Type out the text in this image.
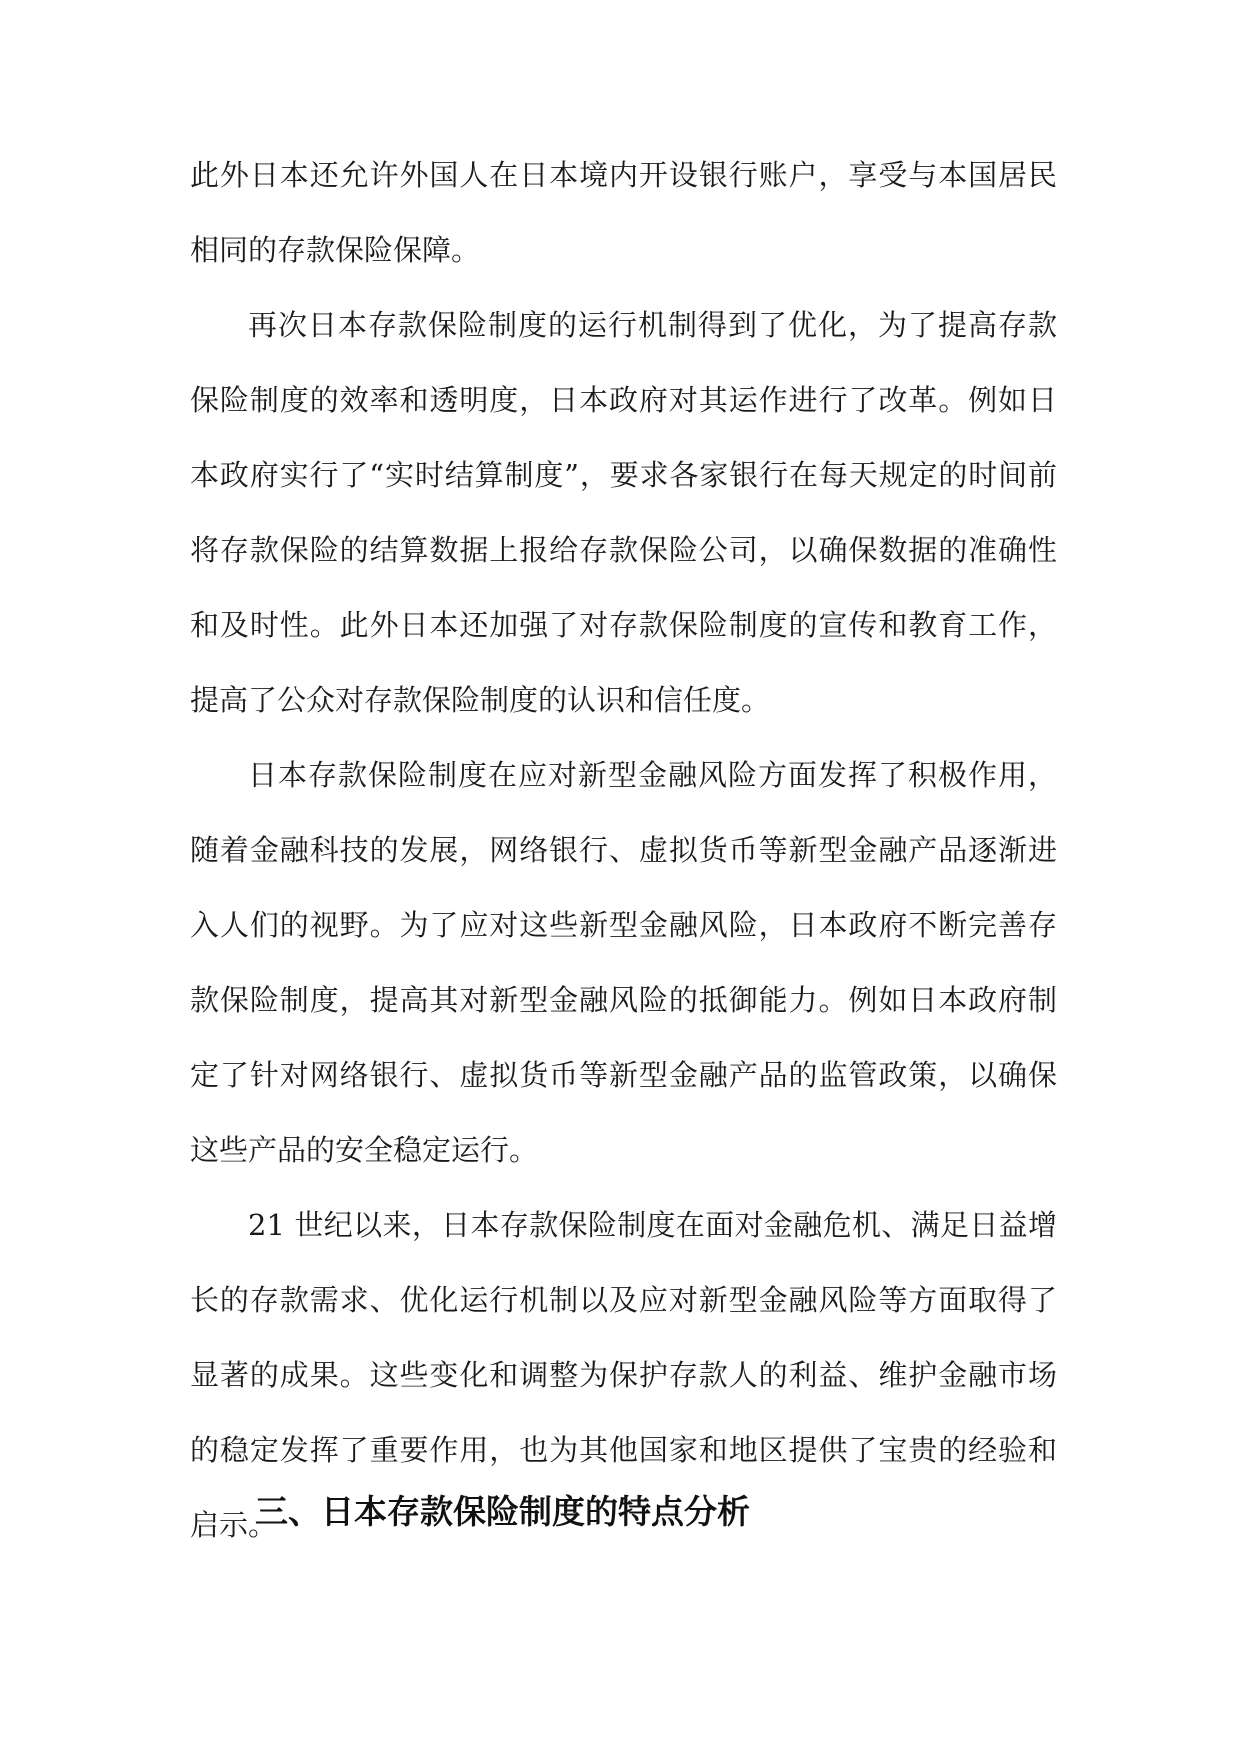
此外日本还允许外国人在日本境内开设银行账户，享受与本国居民相同的存款保险保障。

再次日本存款保险制度的运行机制得到了优化，为了提高存款保险制度的效率和透明度，日本政府对其运作进行了改革。例如日本政府实行了“实时结算制度”，要求各家银行在每天规定的时间前将存款保险的结算数据上报给存款保险公司，以确保数据的准确性和及时性。此外日本还加强了对存款保险制度的宣传和教育工作，提高了公众对存款保险制度的认识和信任度。

日本存款保险制度在应对新型金融风险方面发挥了积极作用，随着金融科技的发展，网络银行、虚拟货币等新型金融产品逐渐进入人们的视野。为了应对这些新型金融风险，日本政府不断完善存款保险制度，提高其对新型金融风险的抵御能力。例如日本政府制定了针对网络银行、虚拟货币等新型金融产品的监管政策，以确保这些产品的安全稳定运行。

21 世纪以来，日本存款保险制度在面对金融危机、满足日益增长的存款需求、优化运行机制以及应对新型金融风险等方面取得了显著的成果。这些变化和调整为保护存款人的利益、维护金融市场的稳定发挥了重要作用，也为其他国家和地区提供了宝贵的经验和启示。

三、日本存款保险制度的特点分析
